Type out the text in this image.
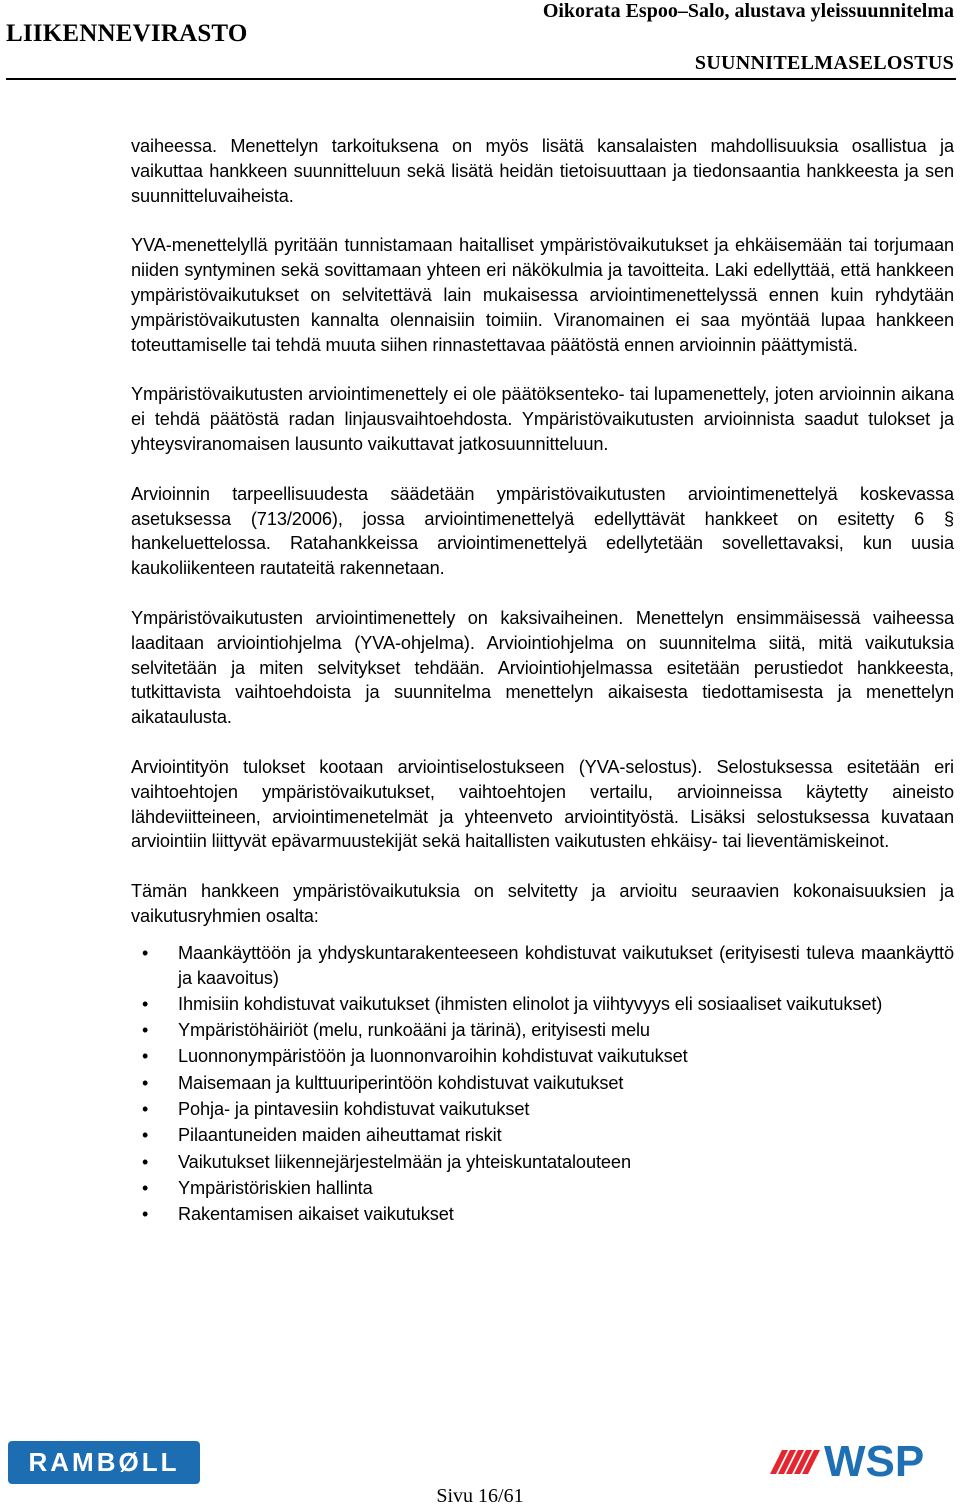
LIIKENNEVIRASTO
Oikorata Espoo–Salo, alustava yleissuunnitelma
SUUNNITELMASELOSTUS

vaiheessa. Menettelyn tarkoituksena on myös lisätä kansalaisten mahdollisuuksia osallistua ja vaikuttaa hankkeen suunnitteluun sekä lisätä heidän tietoisuuttaan ja tiedonsaantia hankkeesta ja sen suunnitteluvaiheista.

YVA-menettelyllä pyritään tunnistamaan haitalliset ympäristövaikutukset ja ehkäisemään tai torjumaan niiden syntyminen sekä sovittamaan yhteen eri näkökulmia ja tavoitteita. Laki edellyttää, että hankkeen ympäristövaikutukset on selvitettävä lain mukaisessa arviointimenettelyssä ennen kuin ryhdytään ympäristövaikutusten kannalta olennaisiin toimiin. Viranomainen ei saa myöntää lupaa hankkeen toteuttamiselle tai tehdä muuta siihen rinnastettavaa päätöstä ennen arvioinnin päättymistä.

Ympäristövaikutusten arviointimenettely ei ole päätöksenteko- tai lupamenettely, joten arvioinnin aikana ei tehdä päätöstä radan linjausvaihtoehdosta. Ympäristövaikutusten arvioinnista saadut tulokset ja yhteysviranomaisen lausunto vaikuttavat jatkosuunnitteluun.

Arvioinnin tarpeellisuudesta säädetään ympäristövaikutusten arviointimenettelyä koskevassa asetuksessa (713/2006), jossa arviointimenettelyä edellyttävät hankkeet on esitetty 6 § hankeluettelossa. Ratahankkeissa arviointimenettelyä edellytetään sovellettavaksi, kun uusia kaukoliikenteen rautateitä rakennetaan.

Ympäristövaikutusten arviointimenettely on kaksivaiheinen. Menettelyn ensimmäisessä vaiheessa laaditaan arviointiohjelma (YVA-ohjelma). Arviointiohjelma on suunnitelma siitä, mitä vaikutuksia selvitetään ja miten selvitykset tehdään. Arviointiohjelmassa esitetään perustiedot hankkeesta, tutkittavista vaihtoehdoista ja suunnitelma menettelyn aikaisesta tiedottamisesta ja menettelyn aikataulusta.

Arviointityön tulokset kootaan arviointiselostukseen (YVA-selostus). Selostuksessa esitetään eri vaihtoehtojen ympäristövaikutukset, vaihtoehtojen vertailu, arvioinneissa käytetty aineisto lähdeviitteineen, arviointimenetelmät ja yhteenveto arviointityöstä. Lisäksi selostuksessa kuvataan arviointiin liittyvät epävarmuustekijät sekä haitallisten vaikutusten ehkäisy- tai lieventämiskeinot.

Tämän hankkeen ympäristövaikutuksia on selvitetty ja arvioitu seuraavien kokonaisuuksien ja vaikutusryhmien osalta:

• Maankäyttöön ja yhdyskuntarakenteeseen kohdistuvat vaikutukset (erityisesti tuleva maankäyttö ja kaavoitus)
• Ihmisiin kohdistuvat vaikutukset (ihmisten elinolot ja viihtyvyys eli sosiaaliset vaikutukset)
• Ympäristöhäiriöt (melu, runkoääni ja tärinä), erityisesti melu
• Luonnonympäristöön ja luonnonvaroihin kohdistuvat vaikutukset
• Maisemaan ja kulttuuriperintöön kohdistuvat vaikutukset
• Pohja- ja pintavesiin kohdistuvat vaikutukset
• Pilaantuneiden maiden aiheuttamat riskit
• Vaikutukset liikennejärjestelmään ja yhteiskuntatalouteen
• Ympäristöriskien hallinta
• Rakentamisen aikaiset vaikutukset
RAMBØLL	WSP
Sivu 16/61
